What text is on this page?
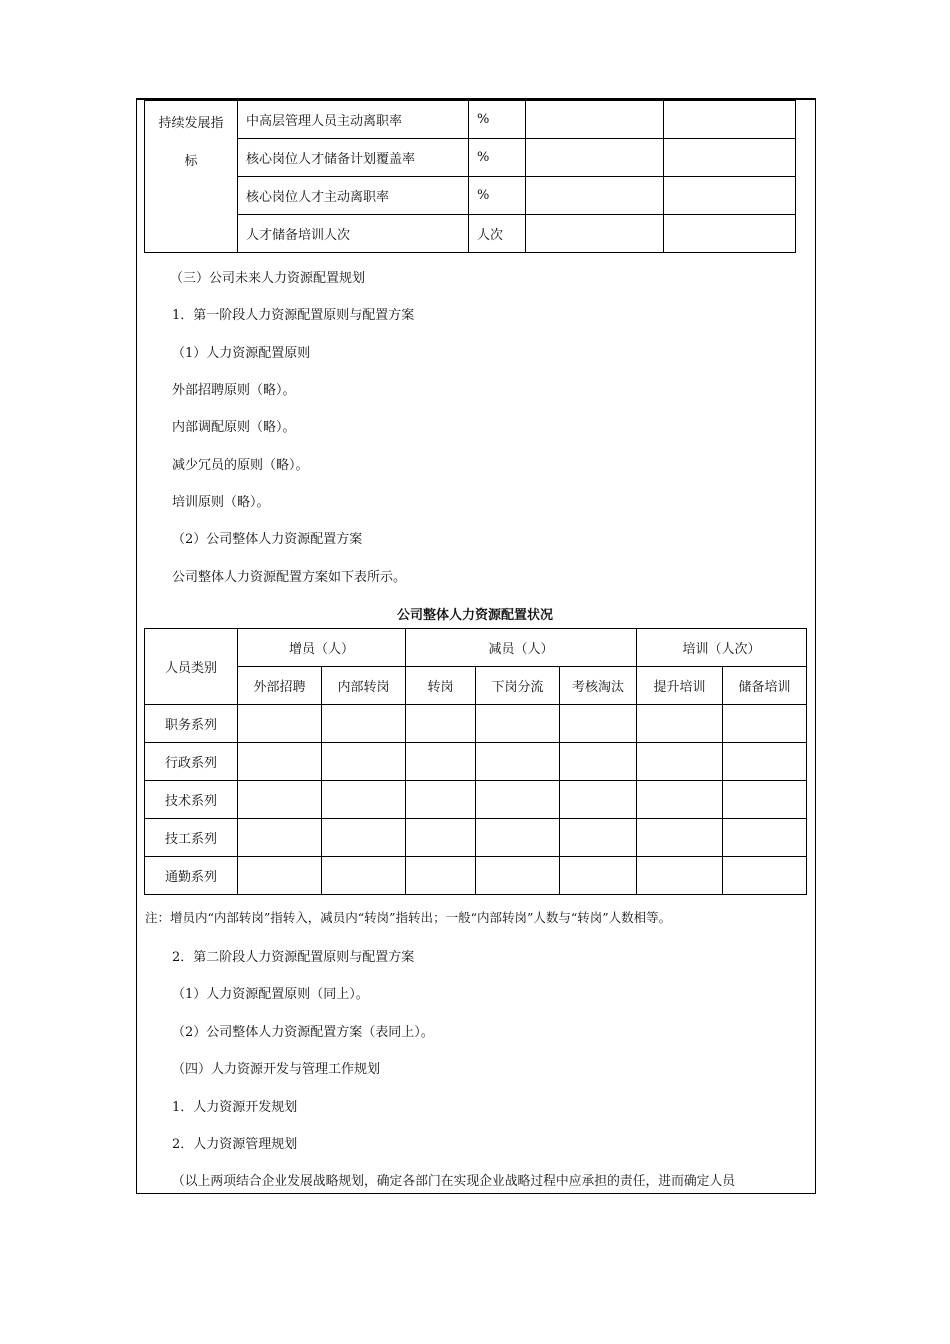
持续发展指
标	中高层管理人员主动离职率	%		
	核心岗位人才储备计划覆盖率	%		
	核心岗位人才主动离职率	%		
	人才储备培训人次	人次		
（三）公司未来人力资源配置规划
1．第一阶段人力资源配置原则与配置方案
（1）人力资源配置原则
外部招聘原则（略）。
内部调配原则（略）。
减少冗员的原则（略）。
培训原则（略）。
（2）公司整体人力资源配置方案
公司整体人力资源配置方案如下表所示。
公司整体人力资源配置状况
人员类别	增员（人）		减员（人）			培训（人次）	
	外部招聘	内部转岗	转岗	下岗分流	考核淘汰	提升培训	储备培训
职务系列							
行政系列							
技术系列							
技工系列							
通勤系列							
注：增员内“内部转岗”指转入，减员内“转岗”指转出；一般“内部转岗”人数与“转岗”人数相等。
2．第二阶段人力资源配置原则与配置方案
（1）人力资源配置原则（同上）。
（2）公司整体人力资源配置方案（表同上）。
（四）人力资源开发与管理工作规划
1．人力资源开发规划
2．人力资源管理规划
（以上两项结合企业发展战略规划，确定各部门在实现企业战略过程中应承担的责任，进而确定人员
